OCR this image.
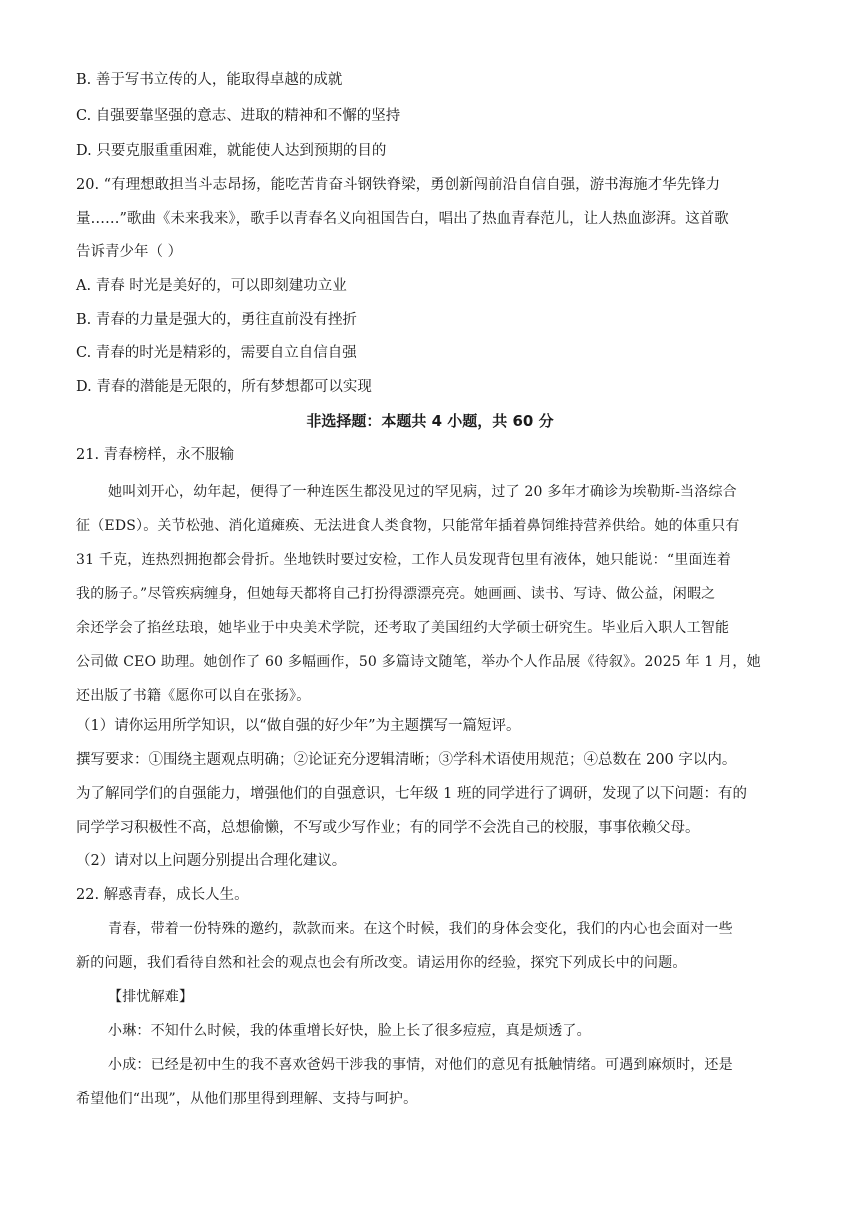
B. 善于写书立传的人，能取得卓越的成就
C. 自强要靠坚强的意志、进取的精神和不懈的坚持
D. 只要克服重重困难，就能使人达到预期的目的
20. “有理想敢担当斗志昂扬，能吃苦肯奋斗钢铁脊梁，勇创新闯前沿自信自强，游书海施才华先锋力
量……”歌曲《未来我来》，歌手以青春名义向祖国告白，唱出了热血青春范儿，让人热血澎湃。这首歌
告诉青少年（ ）
A. 青春 时光是美好的，可以即刻建功立业
B. 青春的力量是强大的，勇往直前没有挫折
C. 青春的时光是精彩的，需要自立自信自强
D. 青春的潜能是无限的，所有梦想都可以实现
非选择题：本题共 4 小题，共 60 分
21. 青春榜样，永不服输
她叫刘开心，幼年起，便得了一种连医生都没见过的罕见病，过了 20 多年才确诊为埃勒斯-当洛综合
征（EDS）。关节松弛、消化道瘫痪、无法进食人类食物，只能常年插着鼻饲维持营养供给。她的体重只有
31 千克，连热烈拥抱都会骨折。坐地铁时要过安检，工作人员发现背包里有液体，她只能说：“里面连着
我的肠子。”尽管疾病缠身，但她每天都将自己打扮得漂漂亮亮。她画画、读书、写诗、做公益，闲暇之
余还学会了掐丝珐琅，她毕业于中央美术学院，还考取了美国纽约大学硕士研究生。毕业后入职人工智能
公司做 CEO 助理。她创作了 60 多幅画作，50 多篇诗文随笔，举办个人作品展《待叙》。2025 年 1 月，她
还出版了书籍《愿你可以自在张扬》。
（1）请你运用所学知识，以“做自强的好少年”为主题撰写一篇短评。
撰写要求：①围绕主题观点明确；②论证充分逻辑清晰；③学科术语使用规范；④总数在 200 字以内。
为了解同学们的自强能力，增强他们的自强意识，七年级 1 班的同学进行了调研，发现了以下问题：有的
同学学习积极性不高，总想偷懒，不写或少写作业；有的同学不会洗自己的校服，事事依赖父母。
（2）请对以上问题分别提出合理化建议。
22. 解惑青春，成长人生。
青春，带着一份特殊的邀约，款款而来。在这个时候，我们的身体会变化，我们的内心也会面对一些
新的问题，我们看待自然和社会的观点也会有所改变。请运用你的经验，探究下列成长中的问题。
【排忧解难】
小琳：不知什么时候，我的体重增长好快，脸上长了很多痘痘，真是烦透了。
小成：已经是初中生的我不喜欢爸妈干涉我的事情，对他们的意见有抵触情绪。可遇到麻烦时，还是
希望他们“出现”，从他们那里得到理解、支持与呵护。
